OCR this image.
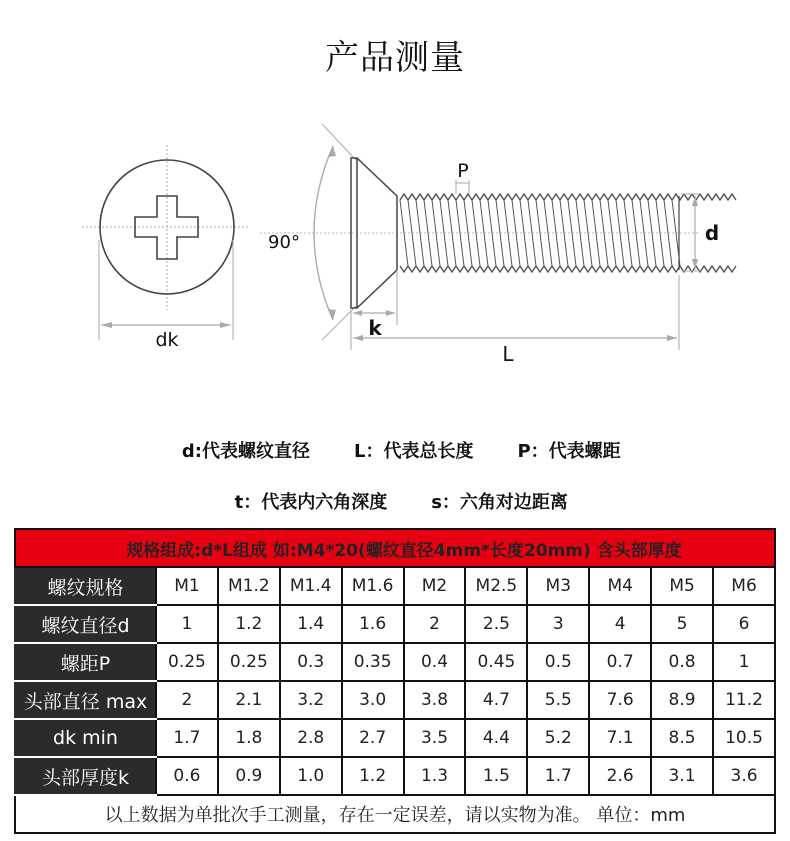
产品测量
dk
90°
k
P
d
L

d:代表螺纹直径 L：代表总长度 P：代表螺距

t：代表内六角深度 s：六角对边距离

规格组成:d*L组成 如:M4*20(螺纹直径4mm*长度20mm) 含头部厚度										
螺纹规格	M1	M1.2	M1.4	M1.6	M2	M2.5	M3	M4	M5	M6
螺纹直径d	1	1.2	1.4	1.6	2	2.5	3	4	5	6
螺距P	0.25	0.25	0.3	0.35	0.4	0.45	0.5	0.7	0.8	1
头部直径 max	2	2.1	3.2	3.0	3.8	4.7	5.5	7.6	8.9	11.2
dk min	1.7	1.8	2.8	2.7	3.5	4.4	5.2	7.1	8.5	10.5
头部厚度k	0.6	0.9	1.0	1.2	1.3	1.5	1.7	2.6	3.1	3.6
以上数据为单批次手工测量，存在一定误差，请以实物为准。 单位：mm										
